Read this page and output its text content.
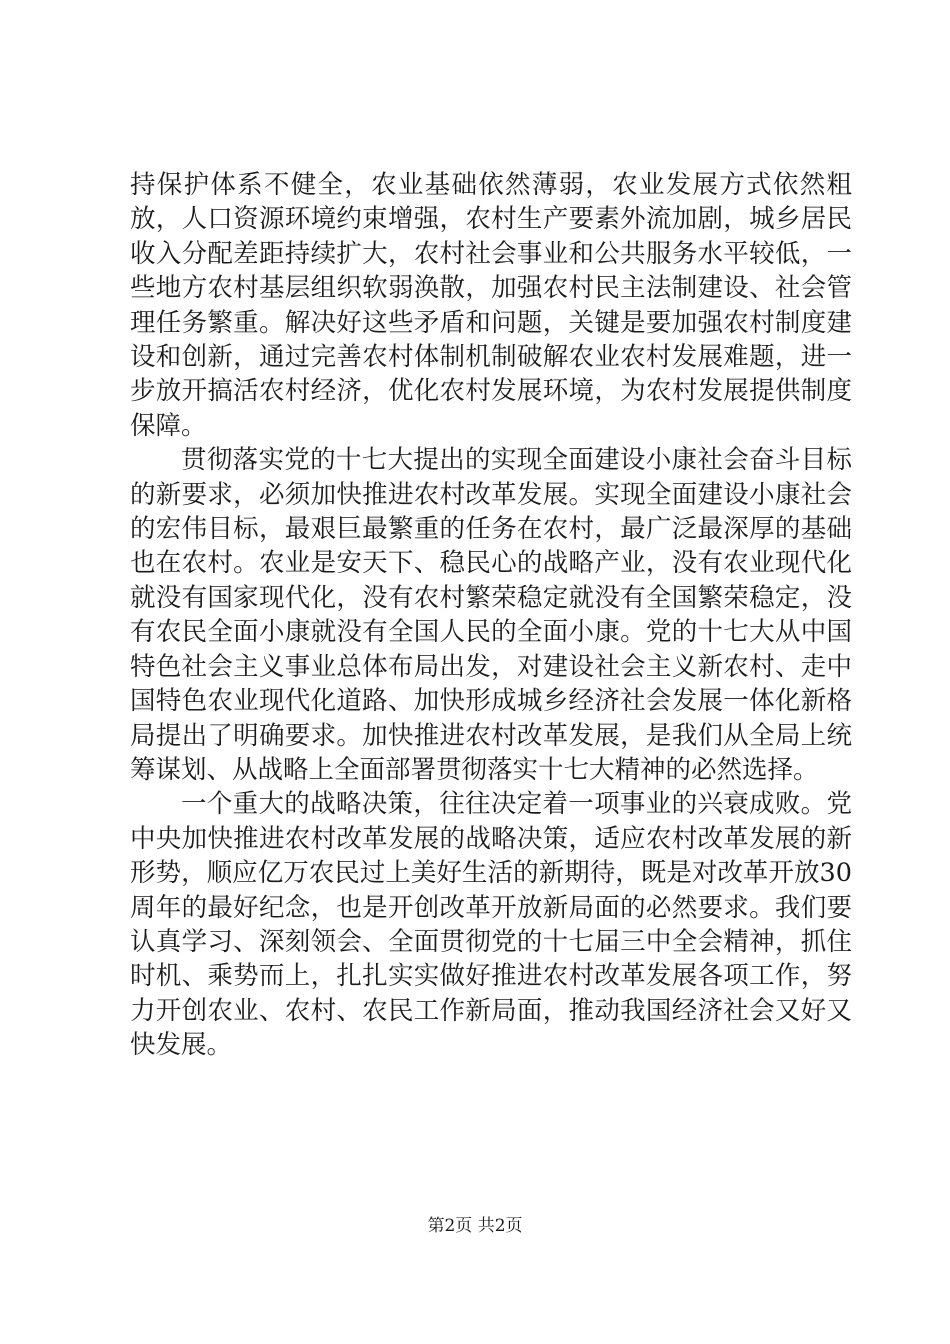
持保护体系不健全，农业基础依然薄弱，农业发展方式依然粗放，人口资源环境约束增强，农村生产要素外流加剧，城乡居民收入分配差距持续扩大，农村社会事业和公共服务水平较低，一些地方农村基层组织软弱涣散，加强农村民主法制建设、社会管理任务繁重。解决好这些矛盾和问题，关键是要加强农村制度建设和创新，通过完善农村体制机制破解农业农村发展难题，进一步放开搞活农村经济，优化农村发展环境，为农村发展提供制度保障。

贯彻落实党的十七大提出的实现全面建设小康社会奋斗目标的新要求，必须加快推进农村改革发展。实现全面建设小康社会的宏伟目标，最艰巨最繁重的任务在农村，最广泛最深厚的基础也在农村。农业是安天下、稳民心的战略产业，没有农业现代化就没有国家现代化，没有农村繁荣稳定就没有全国繁荣稳定，没有农民全面小康就没有全国人民的全面小康。党的十七大从中国特色社会主义事业总体布局出发，对建设社会主义新农村、走中国特色农业现代化道路、加快形成城乡经济社会发展一体化新格局提出了明确要求。加快推进农村改革发展，是我们从全局上统筹谋划、从战略上全面部署贯彻落实十七大精神的必然选择。

一个重大的战略决策，往往决定着一项事业的兴衰成败。党中央加快推进农村改革发展的战略决策，适应农村改革发展的新形势，顺应亿万农民过上美好生活的新期待，既是对改革开放30周年的最好纪念，也是开创改革开放新局面的必然要求。我们要认真学习、深刻领会、全面贯彻党的十七届三中全会精神，抓住时机、乘势而上，扎扎实实做好推进农村改革发展各项工作，努力开创农业、农村、农民工作新局面，推动我国经济社会又好又快发展。

第2页 共2页
